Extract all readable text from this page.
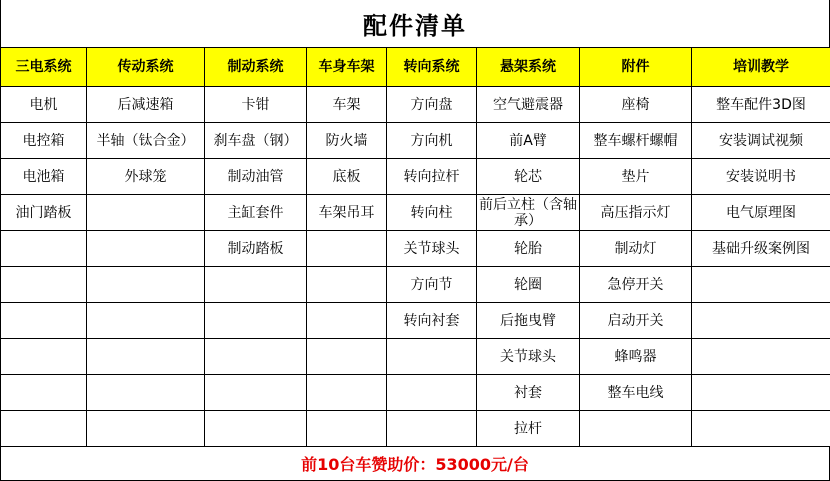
配件清单
三电系统	传动系统	制动系统	车身车架	转向系统	悬架系统	附件	培训教学
电机	后减速箱	卡钳	车架	方向盘	空气避震器	座椅	整车配件3D图
电控箱	半轴（钛合金）	刹车盘（钢）	防火墙	方向机	前A臂	整车螺杆螺帽	安装调试视频
电池箱	外球笼	制动油管	底板	转向拉杆	轮芯	垫片	安装说明书
油门踏板		主缸套件	车架吊耳	转向柱	前后立柱（含轴承）	高压指示灯	电气原理图
		制动踏板		关节球头	轮胎	制动灯	基础升级案例图
				方向节	轮圈	急停开关	
				转向衬套	后拖曳臂	启动开关	
					关节球头	蜂鸣器	
					衬套	整车电线	
					拉杆		
前10台车赞助价：53000元/台
